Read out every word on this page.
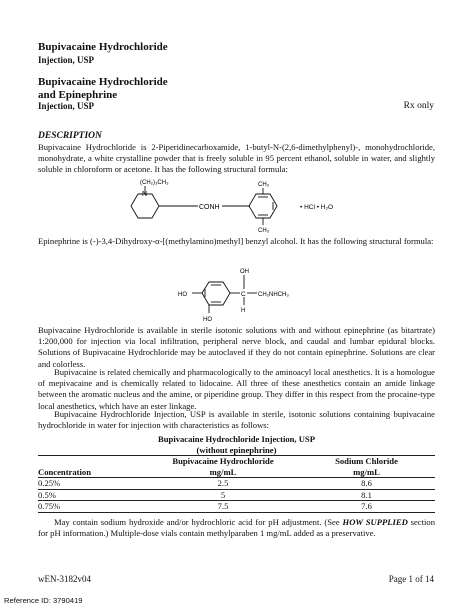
Bupivacaine Hydrochloride
Injection, USP
Bupivacaine Hydrochloride
and Epinephrine
Injection, USP	Rx only
DESCRIPTION
Bupivacaine Hydrochloride is 2-Piperidinecarboxamide, 1-butyl-N-(2,6-dimethylphenyl)-, monohydrochloride, monohydrate, a white crystalline powder that is freely soluble in 95 percent ethanol, soluble in water, and slightly soluble in chloroform or acetone. It has the following structural formula:
(CH₂)₃CH₃
N
CONH
CH₃
CH₃
• HCl • H₂O
Epinephrine is (-)-3,4-Dihydroxy-α-[(methylamino)methyl] benzyl alcohol. It has the following structural formula:
OH
C
H
CH₂NHCH₃
HO
HO
Bupivacaine Hydrochloride is available in sterile isotonic solutions with and without epinephrine (as bitartrate) 1:200,000 for injection via local infiltration, peripheral nerve block, and caudal and lumbar epidural blocks. Solutions of Bupivacaine Hydrochloride may be autoclaved if they do not contain epinephrine. Solutions are clear and colorless.
Bupivacaine is related chemically and pharmacologically to the aminoacyl local anesthetics. It is a homologue of mepivacaine and is chemically related to lidocaine. All three of these anesthetics contain an amide linkage between the aromatic nucleus and the amine, or piperidine group. They differ in this respect from the procaine-type local anesthetics, which have an ester linkage.
Bupivacaine Hydrochloride Injection, USP is available in sterile, isotonic solutions containing bupivacaine hydrochloride in water for injection with characteristics as follows:
Bupivacaine Hydrochloride Injection, USP		
(without epinephrine)		
	Bupivacaine Hydrochloride	Sodium Chloride
Concentration	mg/mL	mg/mL
0.25%	2.5	8.6
0.5%	5	8.1
0.75%	7.5	7.6
May contain sodium hydroxide and/or hydrochloric acid for pH adjustment. (See HOW SUPPLIED section for pH information.) Multiple-dose vials contain methylparaben 1 mg/mL added as a preservative.
wEN-3182v04	Page 1 of 14
Reference ID: 3790419
